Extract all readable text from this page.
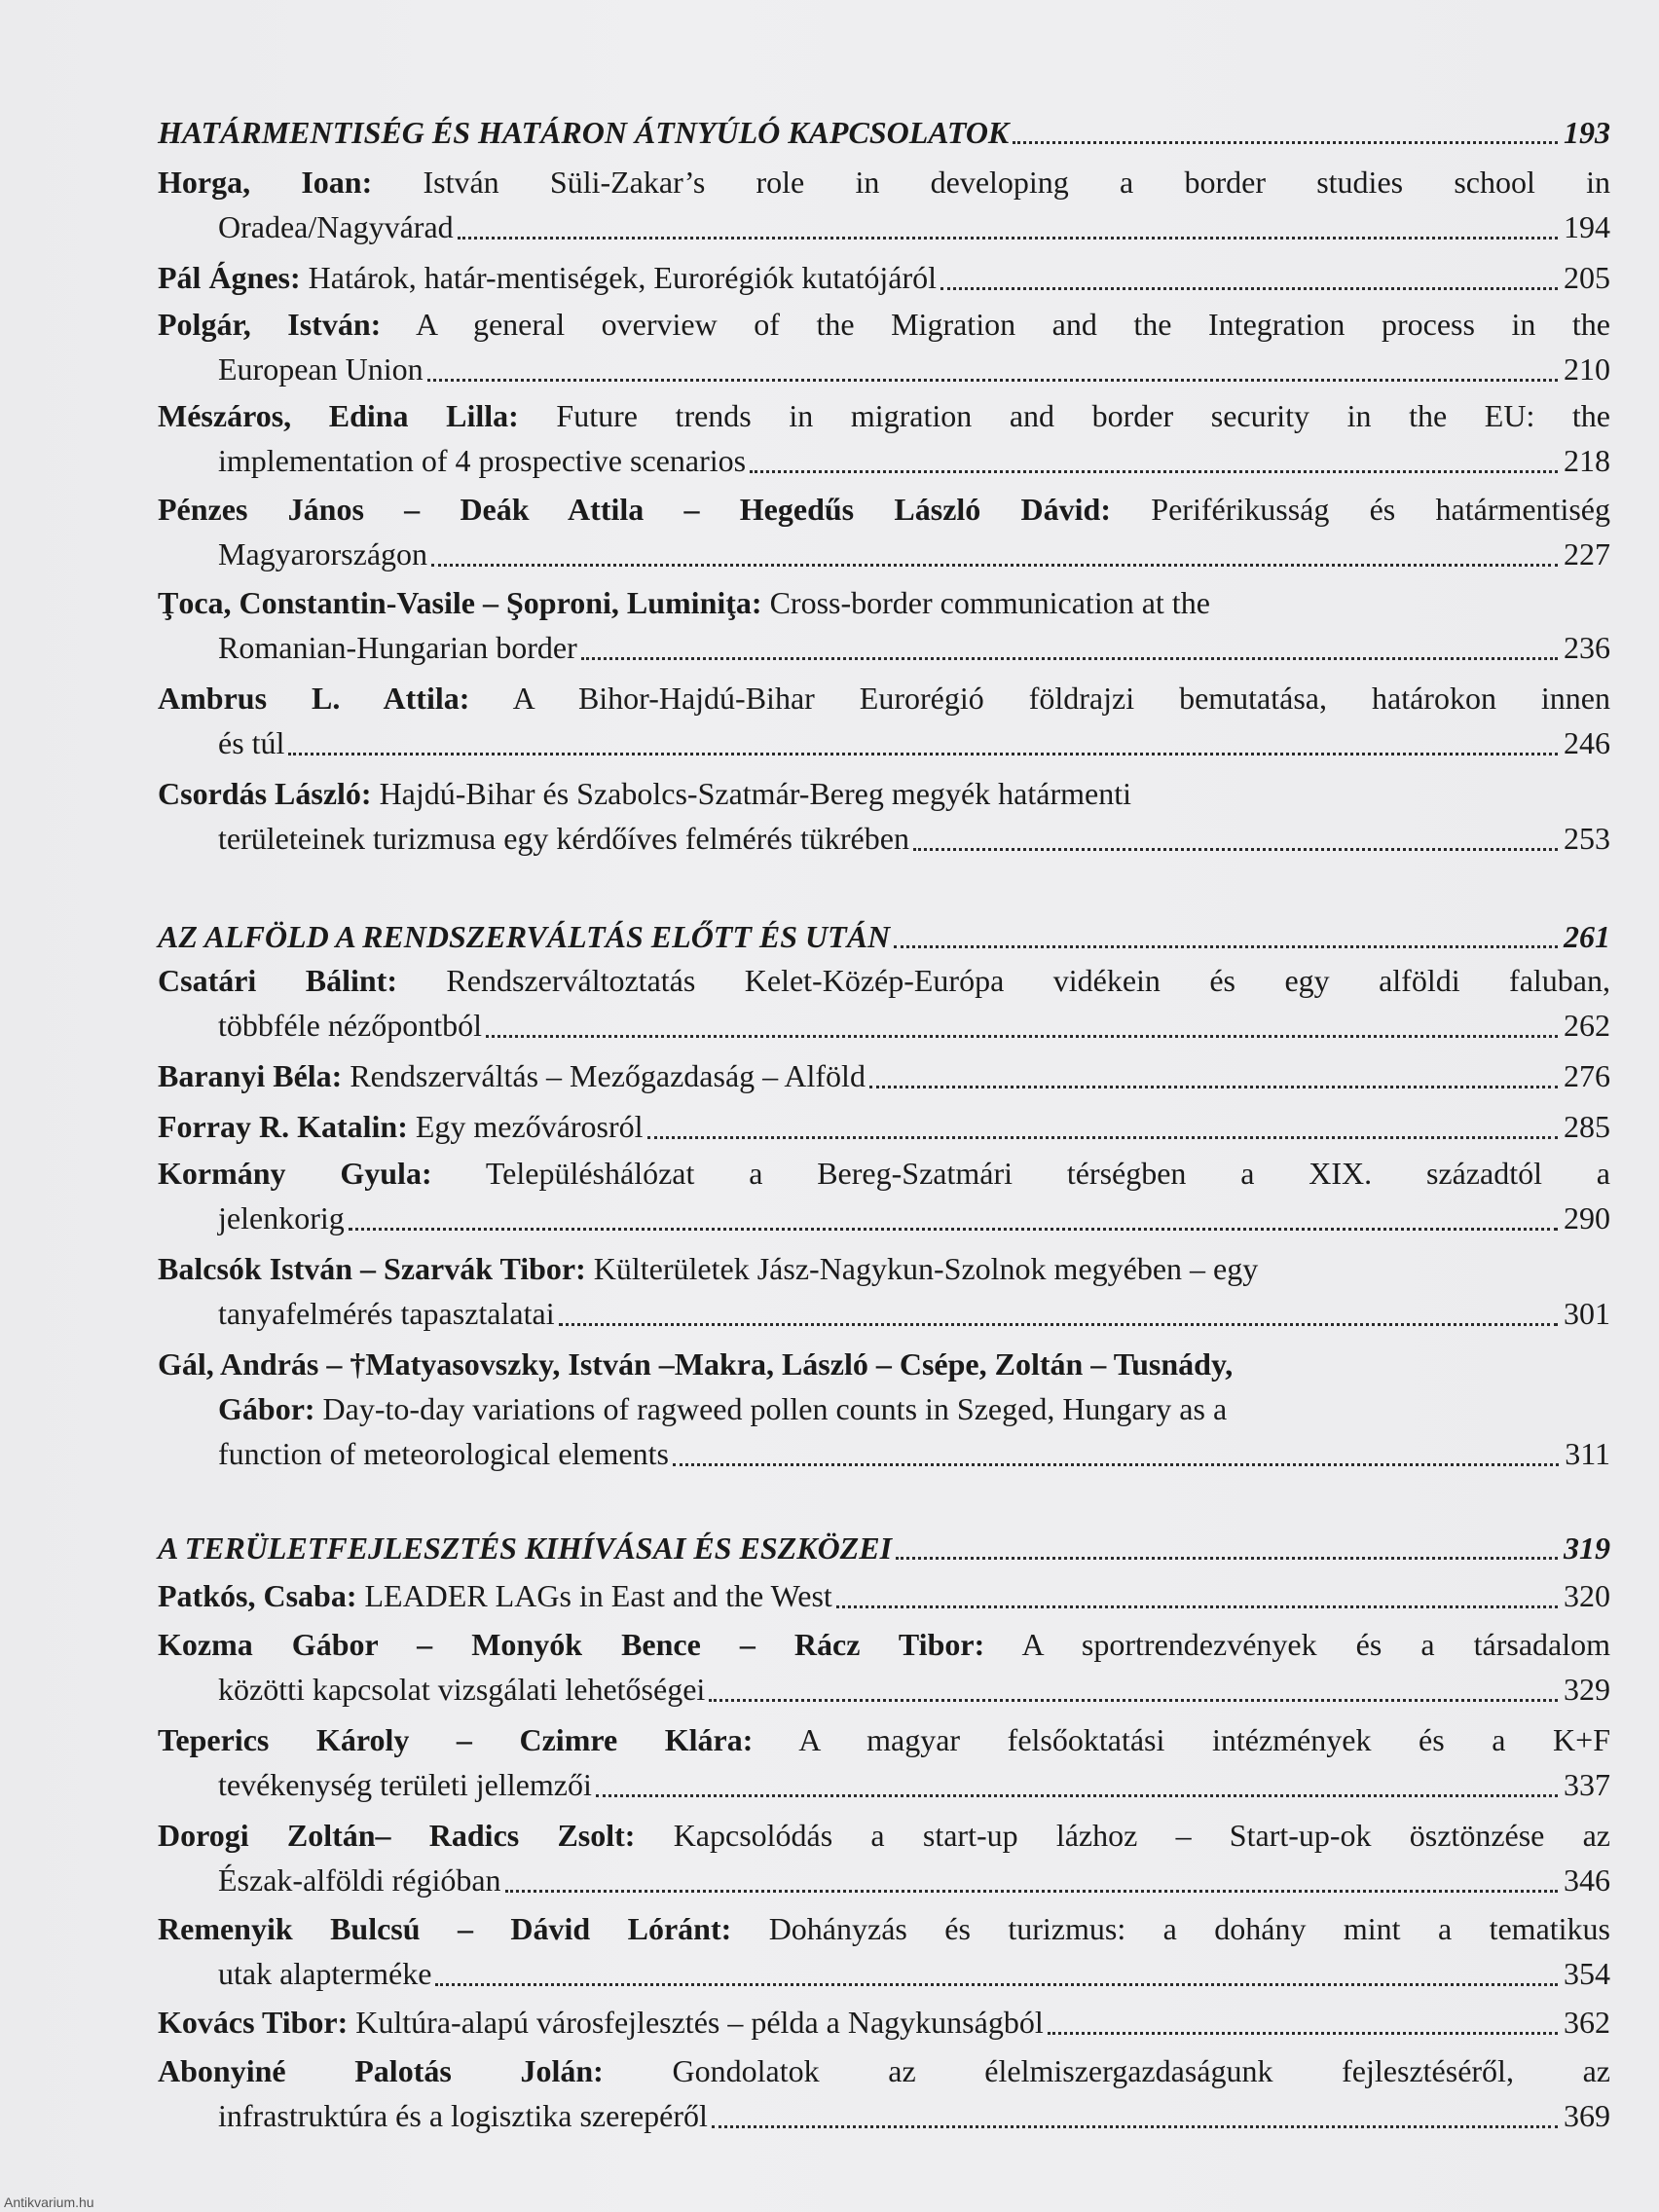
HATÁRMENTISÉG ÉS HATÁRON ÁTNYÚLÓ KAPCSOLATOK	193
Horga, Ioan: István Süli-Zakar’s role in developing a border studies school in
Oradea/Nagyvárad	194
Pál Ágnes: Határok, határ-mentiségek, Eurorégiók kutatójáról	205
Polgár, István: A general overview of the Migration and the Integration process in the
European Union	210
Mészáros, Edina Lilla: Future trends in migration and border security in the EU: the
implementation of 4 prospective scenarios	218
Pénzes János – Deák Attila – Hegedűs László Dávid: Periférikusság és határmentiség
Magyarországon	227
Ţoca, Constantin-Vasile – Şoproni, Luminiţa: Cross-border communication at the
Romanian-Hungarian border	236
Ambrus L. Attila: A Bihor-Hajdú-Bihar Eurorégió földrajzi bemutatása, határokon innen
és túl	246
Csordás László: Hajdú-Bihar és Szabolcs-Szatmár-Bereg megyék határmenti
területeinek turizmusa egy kérdőíves felmérés tükrében	253
AZ ALFÖLD A RENDSZERVÁLTÁS ELŐTT ÉS UTÁN	261
Csatári Bálint: Rendszerváltoztatás Kelet-Közép-Európa vidékein és egy alföldi faluban,
többféle nézőpontból	262
Baranyi Béla: Rendszerváltás – Mezőgazdaság – Alföld	276
Forray R. Katalin: Egy mezővárosról	285
Kormány Gyula: Településhálózat a Bereg-Szatmári térségben a XIX. századtól a
jelenkorig	290
Balcsók István – Szarvák Tibor: Külterületek Jász-Nagykun-Szolnok megyében – egy
tanyafelmérés tapasztalatai	301
Gál, András – †Matyasovszky, István –Makra, László – Csépe, Zoltán – Tusnády,
Gábor: Day-to-day variations of ragweed pollen counts in Szeged, Hungary as a
function of meteorological elements	311
A TERÜLETFEJLESZTÉS KIHÍVÁSAI ÉS ESZKÖZEI	319
Patkós, Csaba: LEADER LAGs in East and the West	320
Kozma Gábor – Monyók Bence – Rácz Tibor: A sportrendezvények és a társadalom
közötti kapcsolat vizsgálati lehetőségei	329
Teperics Károly – Czimre Klára: A magyar felsőoktatási intézmények és a K+F
tevékenység területi jellemzői	337
Dorogi Zoltán– Radics Zsolt: Kapcsolódás a start-up lázhoz – Start-up-ok ösztönzése az
Észak-alföldi régióban	346
Remenyik Bulcsú – Dávid Lóránt: Dohányzás és turizmus: a dohány mint a tematikus
utak alaptermékе	354
Kovács Tibor: Kultúra-alapú városfejlesztés – példa a Nagykunságból	362
Abonyiné Palotás Jolán: Gondolatok az élelmiszergazdaságunk fejlesztéséről, az
infrastruktúra és a logisztika szerepéről	369
Antikvarium.hu
